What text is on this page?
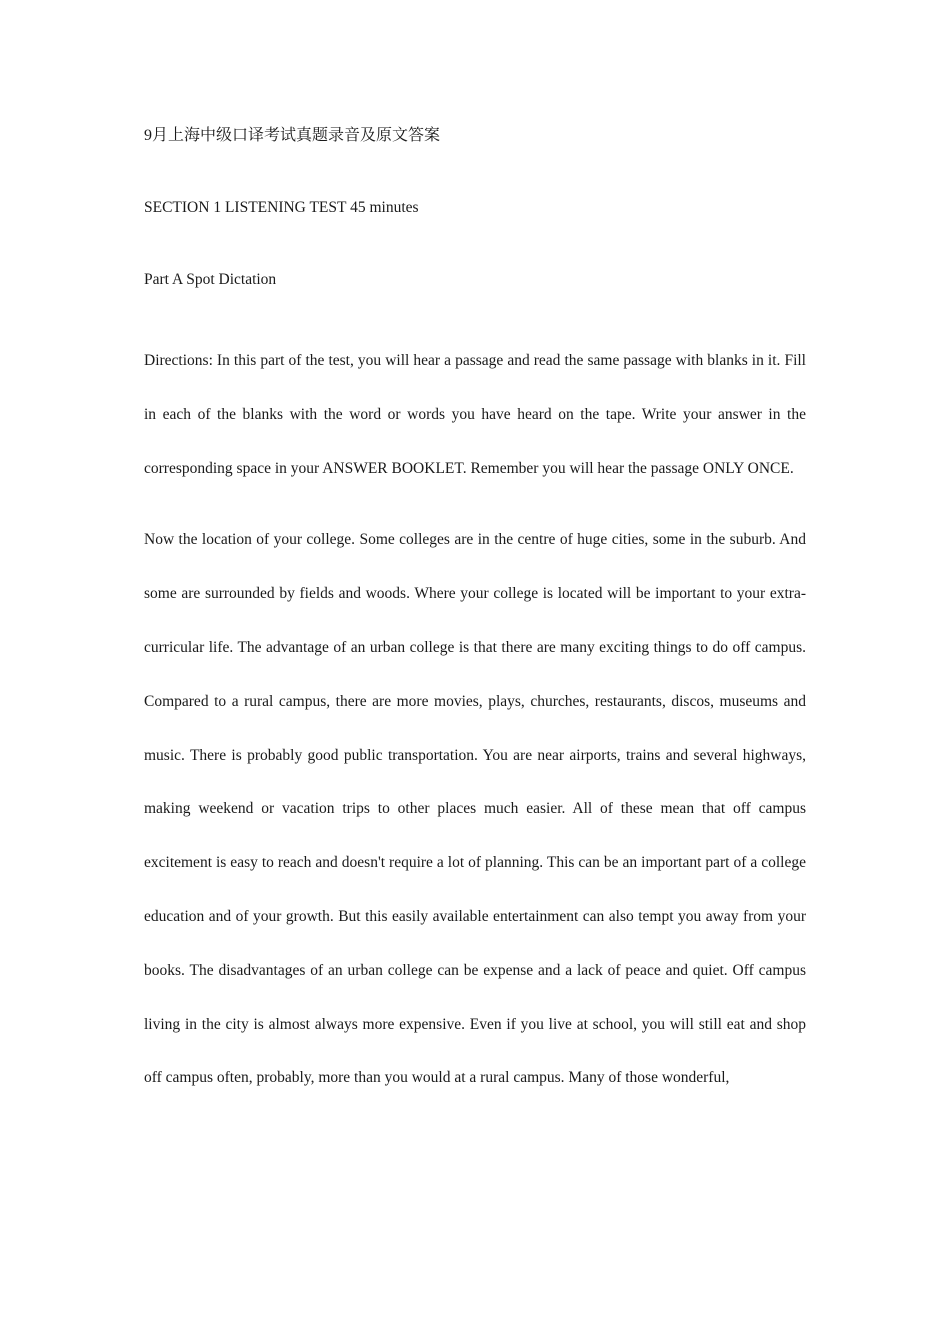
9月上海中级口译考试真题录音及原文答案

SECTION 1 LISTENING TEST 45 minutes

Part A Spot Dictation

Directions: In this part of the test, you will hear a passage and read the same passage with blanks in it. Fill in each of the blanks with the word or words you have heard on the tape. Write your answer in the corresponding space in your ANSWER BOOKLET. Remember you will hear the passage ONLY ONCE.

Now the location of your college. Some colleges are in the centre of huge cities, some in the suburb. And some are surrounded by fields and woods. Where your college is located will be important to your extra-curricular life. The advantage of an urban college is that there are many exciting things to do off campus. Compared to a rural campus, there are more movies, plays, churches, restaurants, discos, museums and music. There is probably good public transportation. You are near airports, trains and several highways, making weekend or vacation trips to other places much easier. All of these mean that off campus excitement is easy to reach and doesn't require a lot of planning. This can be an important part of a college education and of your growth. But this easily available entertainment can also tempt you away from your books. The disadvantages of an urban college can be expense and a lack of peace and quiet. Off campus living in the city is almost always more expensive. Even if you live at school, you will still eat and shop off campus often, probably, more than you would at a rural campus. Many of those wonderful,
